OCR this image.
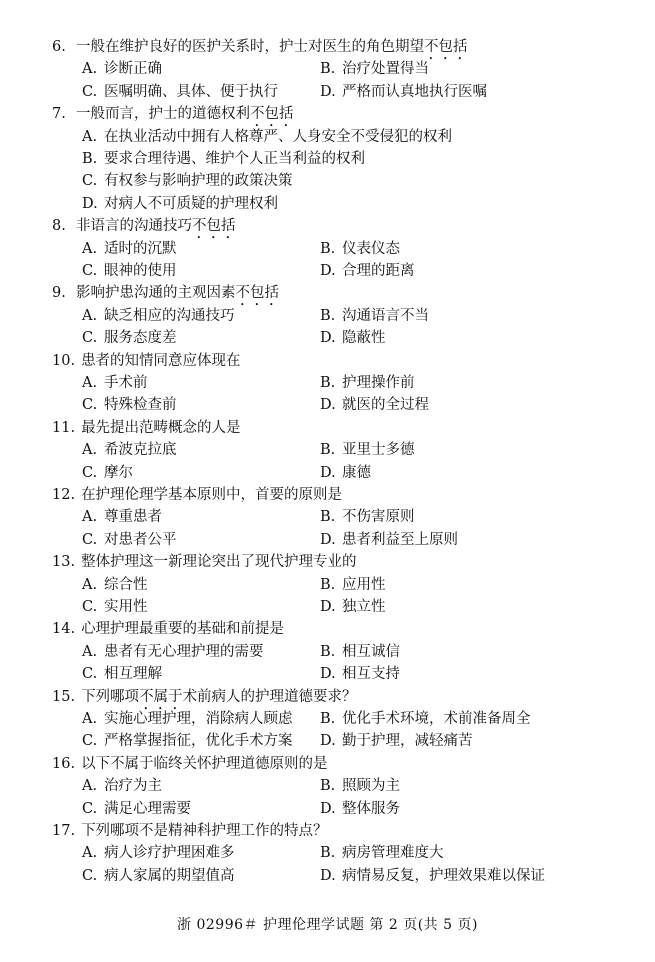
6. 一般在维护良好的医护关系时，护士对医生的角色期望不包括
A. 诊断正确	B. 治疗处置得当
C. 医嘱明确、具体、便于执行	D. 严格而认真地执行医嘱
7. 一般而言，护士的道德权利不包括
A. 在执业活动中拥有人格尊严、人身安全不受侵犯的权利
B. 要求合理待遇、维护个人正当利益的权利
C. 有权参与影响护理的政策决策
D. 对病人不可质疑的护理权利
8. 非语言的沟通技巧不包括
A. 适时的沉默	B. 仪表仪态
C. 眼神的使用	D. 合理的距离
9. 影响护患沟通的主观因素不包括
A. 缺乏相应的沟通技巧	B. 沟通语言不当
C. 服务态度差	D. 隐蔽性
10. 患者的知情同意应体现在
A. 手术前	B. 护理操作前
C. 特殊检查前	D. 就医的全过程
11. 最先提出范畴概念的人是
A. 希波克拉底	B. 亚里士多德
C. 摩尔	D. 康德
12. 在护理伦理学基本原则中，首要的原则是
A. 尊重患者	B. 不伤害原则
C. 对患者公平	D. 患者利益至上原则
13. 整体护理这一新理论突出了现代护理专业的
A. 综合性	B. 应用性
C. 实用性	D. 独立性
14. 心理护理最重要的基础和前提是
A. 患者有无心理护理的需要	B. 相互诚信
C. 相互理解	D. 相互支持
15. 下列哪项不属于术前病人的护理道德要求？
A. 实施心理护理，消除病人顾虑 B. 优化手术环境，术前准备周全
C. 严格掌握指征，优化手术方案 D. 勤于护理，减轻痛苦
16. 以下不属于临终关怀护理道德原则的是
A. 治疗为主	B. 照顾为主
C. 满足心理需要	D. 整体服务
17. 下列哪项不是精神科护理工作的特点？
A. 病人诊疗护理困难多	B. 病房管理难度大
C. 病人家属的期望值高	D. 病情易反复，护理效果难以保证
浙 02996＃ 护理伦理学试题 第 2 页(共 5 页)
